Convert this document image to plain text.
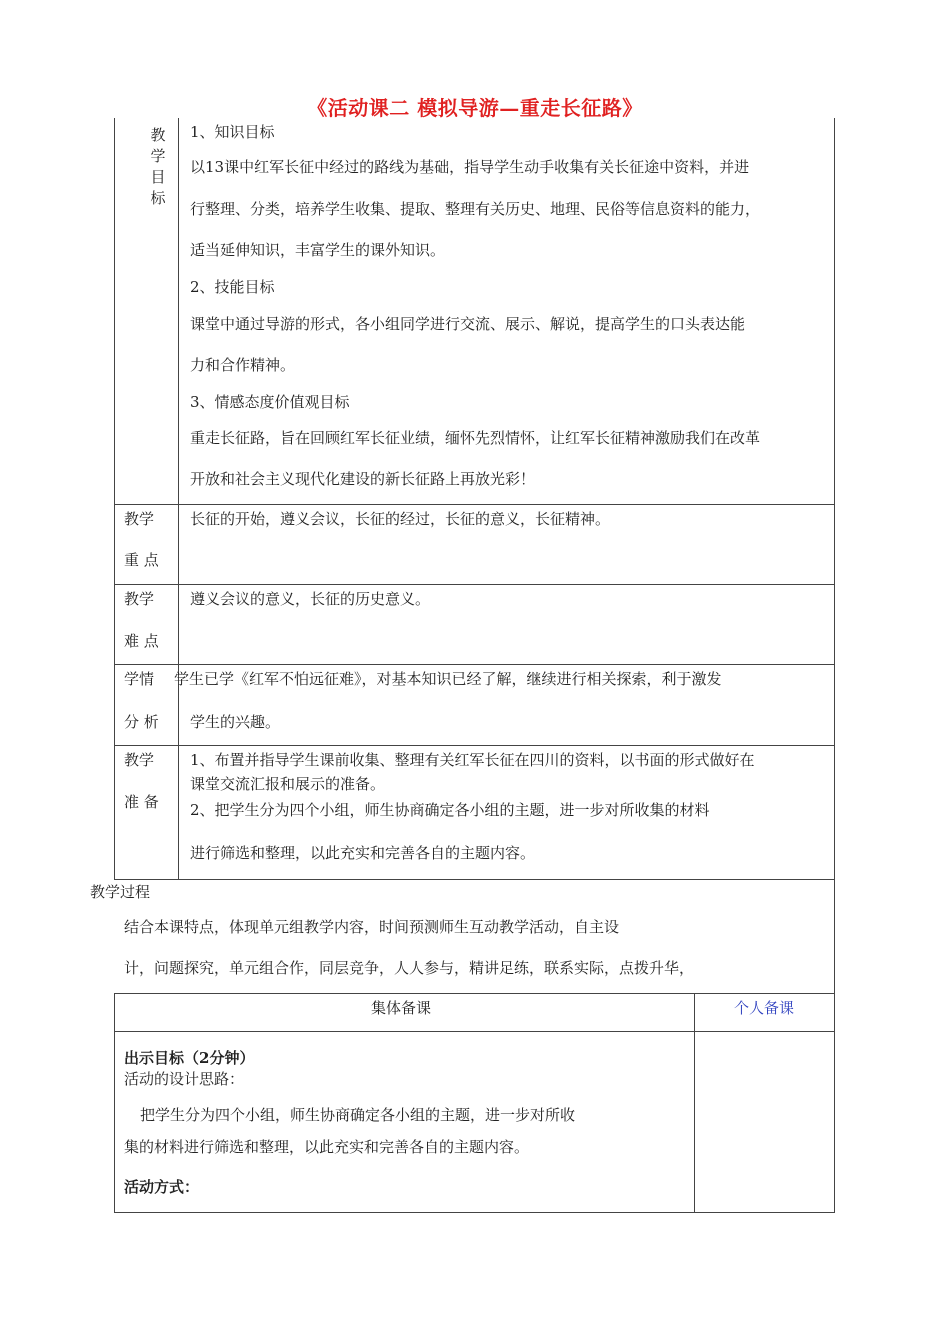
《活动课二 模拟导游—重走长征路》
教
学
目
标
1、知识目标
以13课中红军长征中经过的路线为基础，指导学生动手收集有关长征途中资料，并进
行整理、分类，培养学生收集、提取、整理有关历史、地理、民俗等信息资料的能力，
适当延伸知识，丰富学生的课外知识。
2、技能目标
课堂中通过导游的形式，各小组同学进行交流、展示、解说，提高学生的口头表达能
力和合作精神。
3、情感态度价值观目标
重走长征路，旨在回顾红军长征业绩，缅怀先烈情怀，让红军长征精神激励我们在改革
开放和社会主义现代化建设的新长征路上再放光彩！
教学
重 点
长征的开始，遵义会议，长征的经过，长征的意义，长征精神。
教学
难 点
遵义会议的意义，长征的历史意义。
学情
分 析
学生已学《红军不怕远征难》，对基本知识已经了解，继续进行相关探索，利于激发
学生的兴趣。
教学
准 备
1、布置并指导学生课前收集、整理有关红军长征在四川的资料，以书面的形式做好在
课堂交流汇报和展示的准备。
2、把学生分为四个小组，师生协商确定各小组的主题，进一步对所收集的材料
进行筛选和整理，以此充实和完善各自的主题内容。
教学过程
结合本课特点，体现单元组教学内容，时间预测师生互动教学活动，自主设
计，问题探究，单元组合作，同层竞争，人人参与，精讲足练，联系实际，点拨升华，
集体备课	个人备课
出示目标（2分钟）
活动的设计思路：
把学生分为四个小组，师生协商确定各小组的主题，进一步对所收
集的材料进行筛选和整理，以此充实和完善各自的主题内容。
活动方式：
